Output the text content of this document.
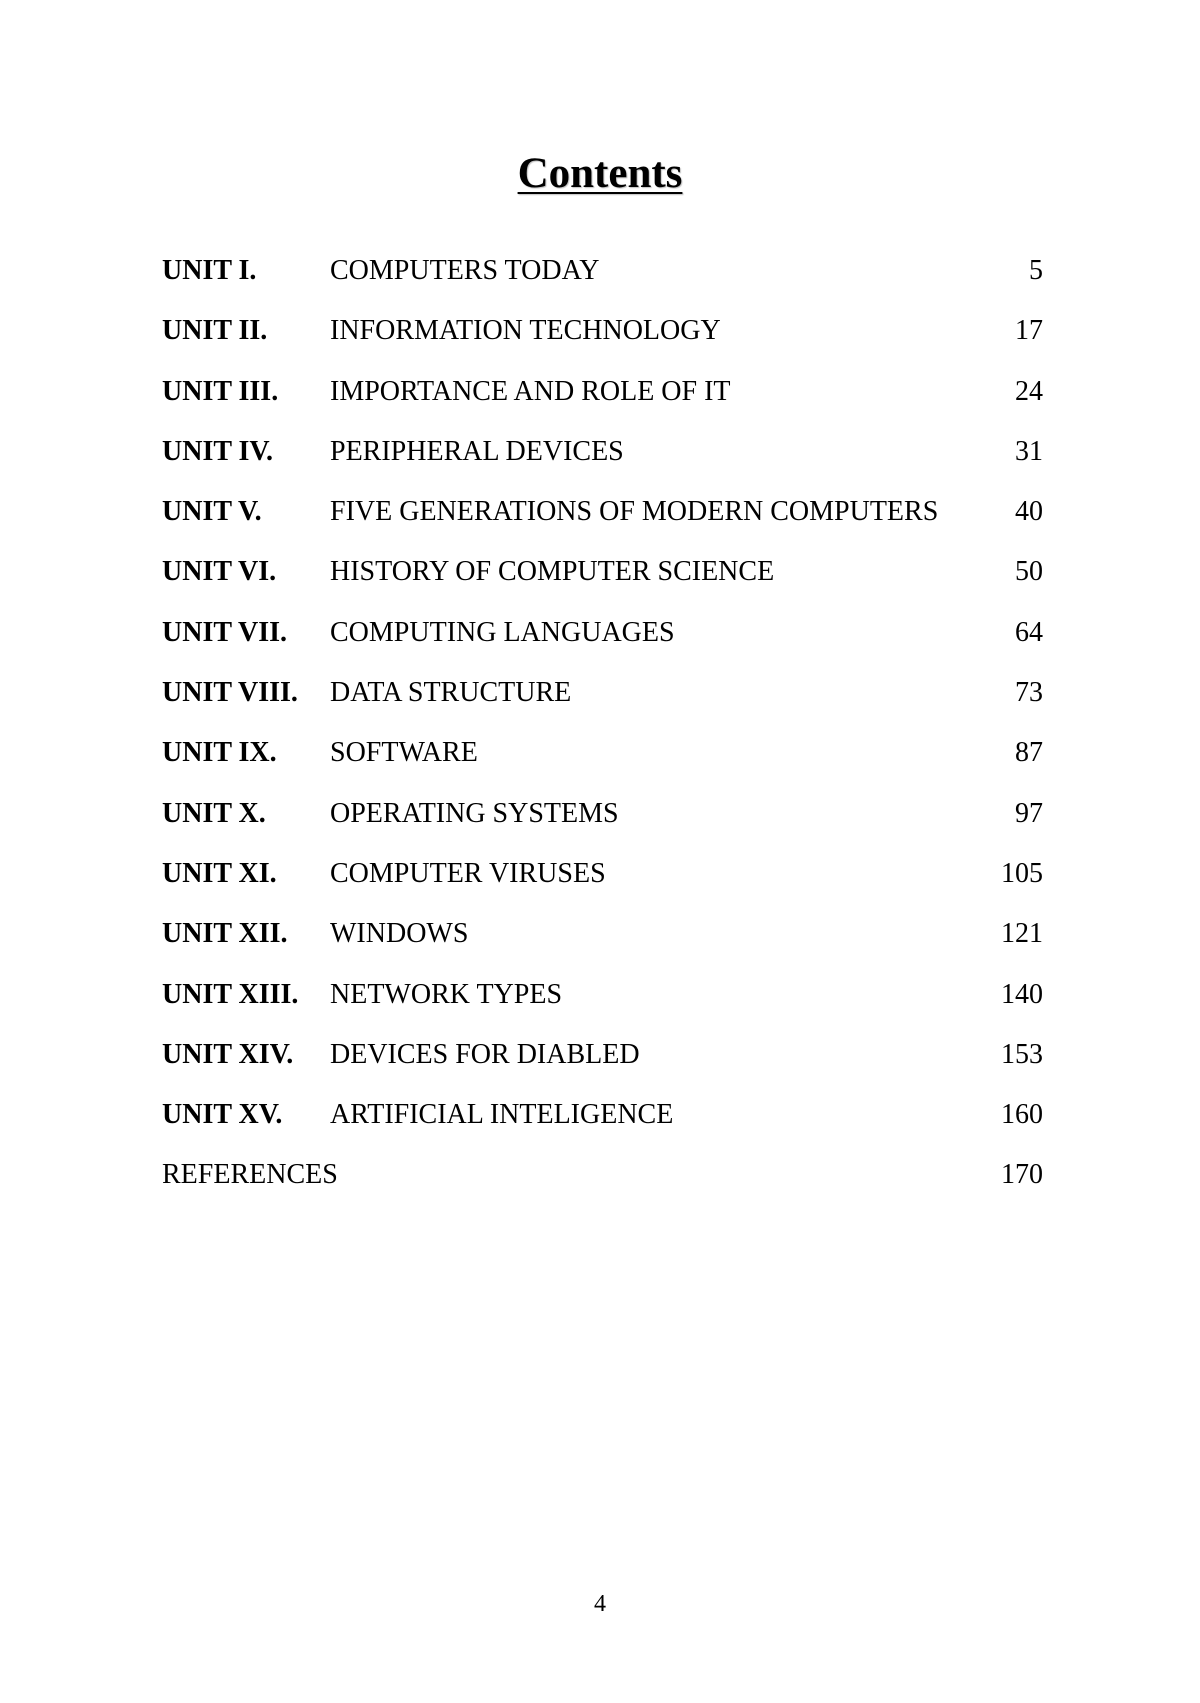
Contents
UNIT I.	COMPUTERS TODAY	5
UNIT II. INFORMATION TECHNOLOGY	17
UNIT III. IMPORTANCE AND ROLE OF IT	24
UNIT IV. PERIPHERAL DEVICES	31
UNIT V. FIVE GENERATIONS OF MODERN COMPUTERS	40
UNIT VI. HISTORY OF COMPUTER SCIENCE	50
UNIT VII. COMPUTING LANGUAGES	64
UNIT VIII. DATA STRUCTURE	73
UNIT IX. SOFTWARE	87
UNIT X. OPERATING SYSTEMS	97
UNIT XI. COMPUTER VIRUSES	105
UNIT XII. WINDOWS	121
UNIT XIII. NETWORK TYPES	140
UNIT XIV. DEVICES FOR DIABLED	153
UNIT XV. ARTIFICIAL INTELIGENCE	160
REFERENCES	170
4
